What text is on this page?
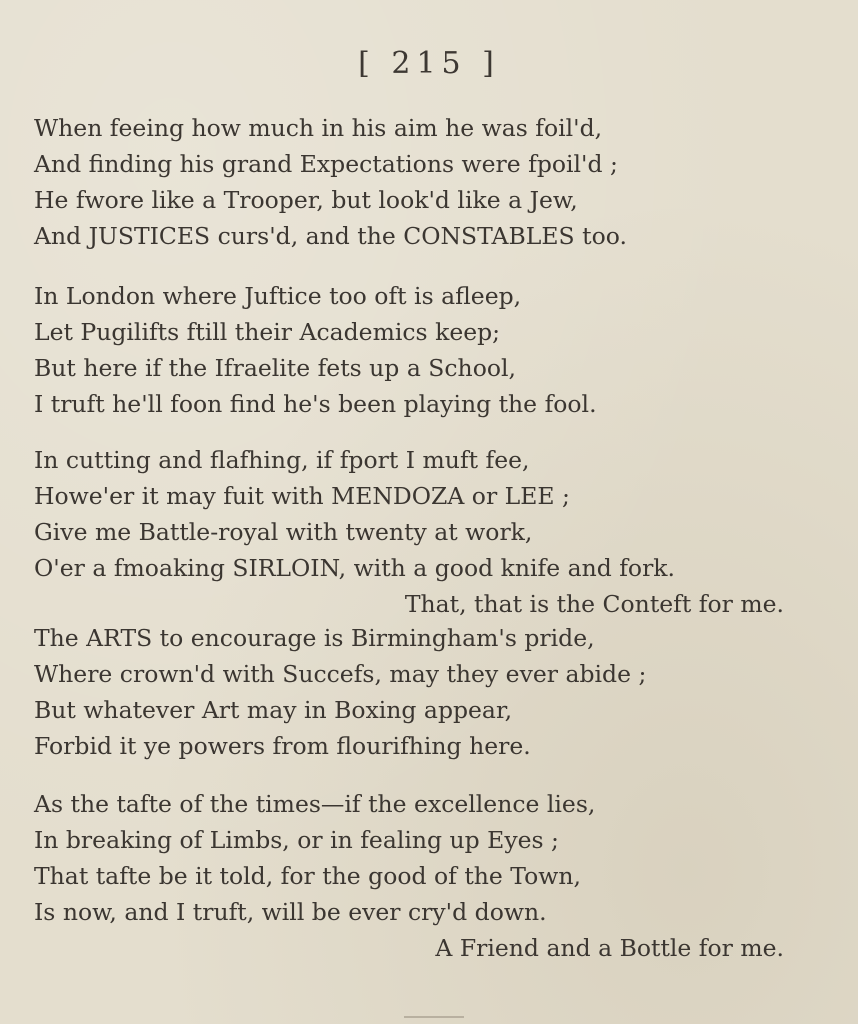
[ 215 ]
When feeing how much in his aim he was foil'd,
And finding his grand Expectations were fpoil'd ;
He fwore like a Trooper, but look'd like a Jew,
And JUSTICES curs'd, and the CONSTABLES too.
In London where Juftice too oft is afleep,
Let Pugilifts ftill their Academics keep;
But here if the Ifraelite fets up a School,
I truft he'll foon find he's been playing the fool.
In cutting and flafhing, if fport I muft fee,
Howe'er it may fuit with MENDOZA or LEE ;
Give me Battle-royal with twenty at work,
O'er a fmoaking SIRLOIN, with a good knife and fork.
That, that is the Conteft for me.
The ARTS to encourage is Birmingham's pride,
Where crown'd with Succefs, may they ever abide ;
But whatever Art may in Boxing appear,
Forbid it ye powers from flourifhing here.
As the tafte of the times—if the excellence lies,
In breaking of Limbs, or in fealing up Eyes ;
That tafte be it told, for the good of the Town,
Is now, and I truft, will be ever cry'd down.
A Friend and a Bottle for me.
